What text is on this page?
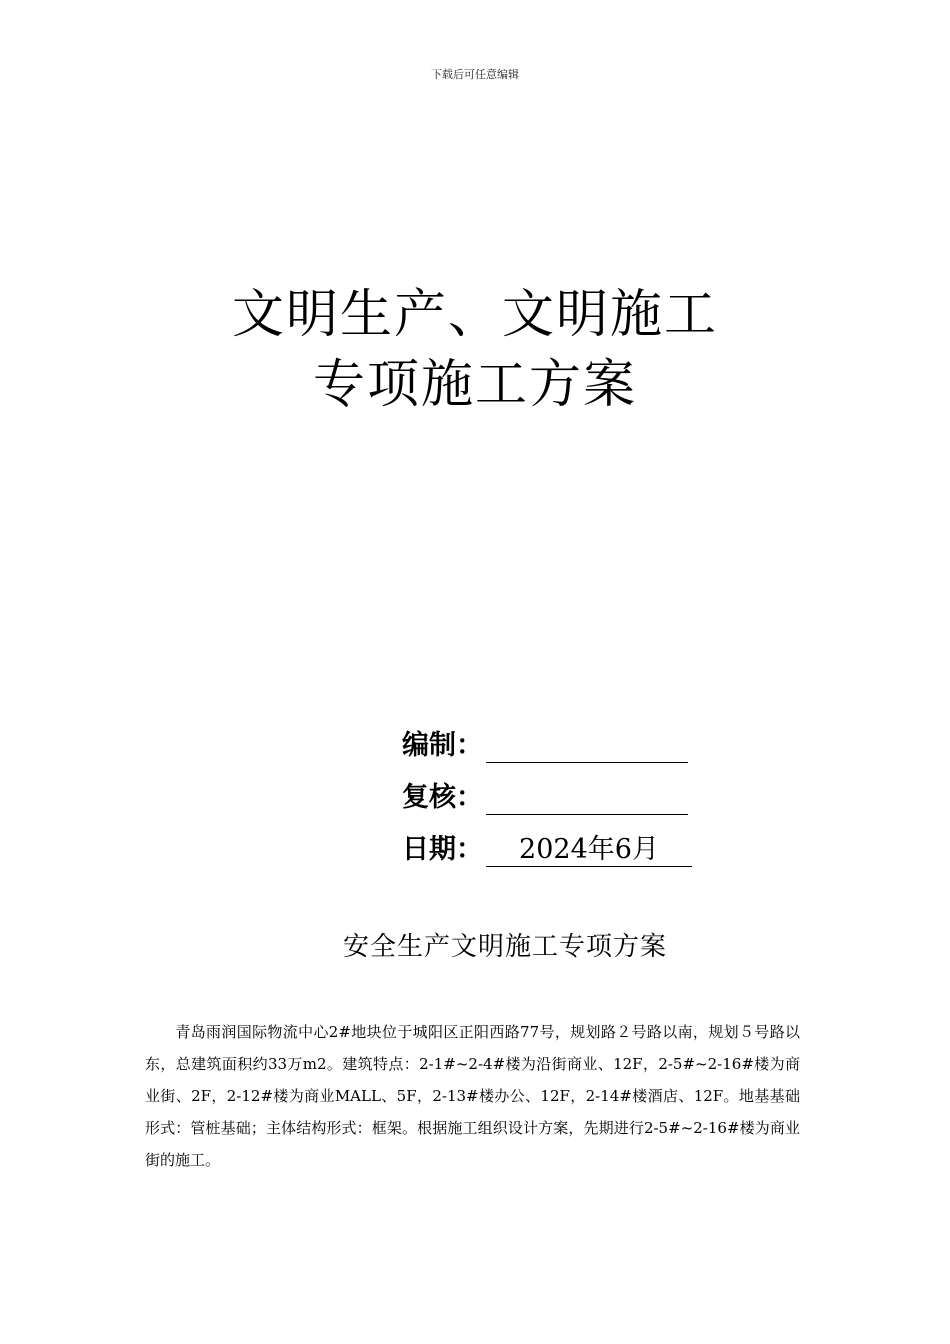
下载后可任意编辑
文明生产、文明施工
专项施工方案
编制：
复核：
日期：	2024年6月
安全生产文明施工专项方案
青岛雨润国际物流中心2#地块位于城阳区正阳西路77号，规划路２号路以南，规划５号路以东，总建筑面积约33万m2。建筑特点：2-1#~2-4#楼为沿街商业、12F，2-5#~2-16#楼为商业街、2F，2-12#楼为商业MALL、5F，2-13#楼办公、12F，2-14#楼酒店、12F。地基基础形式：管桩基础；主体结构形式：框架。根据施工组织设计方案，先期进行2-5#~2-16#楼为商业街的施工。
